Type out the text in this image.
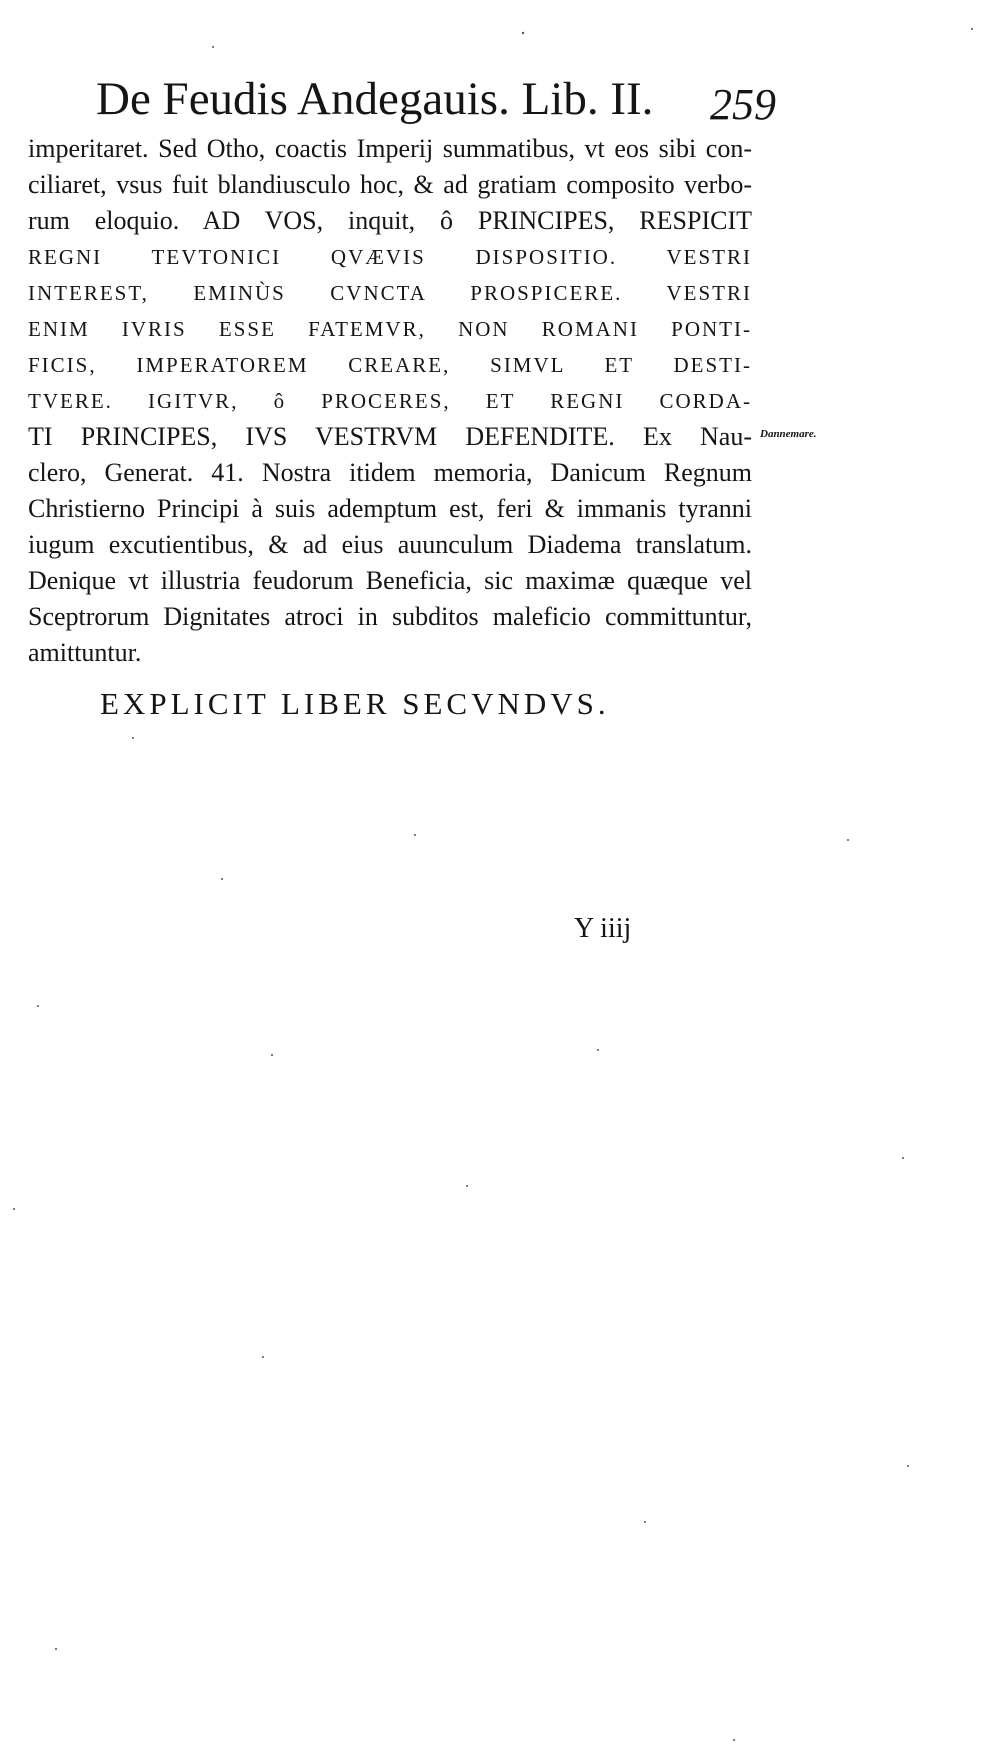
De Feudis Andegauis. Lib. II. 259
imperitaret. Sed Otho, coactis Imperij summatibus, vt eos sibi con-
ciliaret, vsus fuit blandiusculo hoc, & ad gratiam composito verbo-
rum eloquio. AD VOS, inquit, ô PRINCIPES, RESPICIT
REGNI TEVTONICI QVÆVIS DISPOSITIO. VESTRI
INTEREST, EMINÙS CVNCTA PROSPICERE. VESTRI
ENIM IVRIS ESSE FATEMVR, NON ROMANI PONTI-
FICIS, IMPERATOREM CREARE, SIMVL ET DESTI-
TVERE. IGITVR, ô PROCERES, ET REGNI CORDA-
TI PRINCIPES, IVS VESTRVM DEFENDITE. Ex Nau-
clero, Generat. 41. Nostra itidem memoria, Danicum Regnum
Christierno Principi à suis ademptum est, feri & immanis tyranni
iugum excutientibus, & ad eius auunculum Diadema translatum.
Denique vt illustria feudorum Beneficia, sic maximæ quæque vel
Sceptrorum Dignitates atroci in subditos maleficio committuntur,
amittuntur.
Dannemare.
EXPLICIT LIBER SECVNDVS.
Y iiij
